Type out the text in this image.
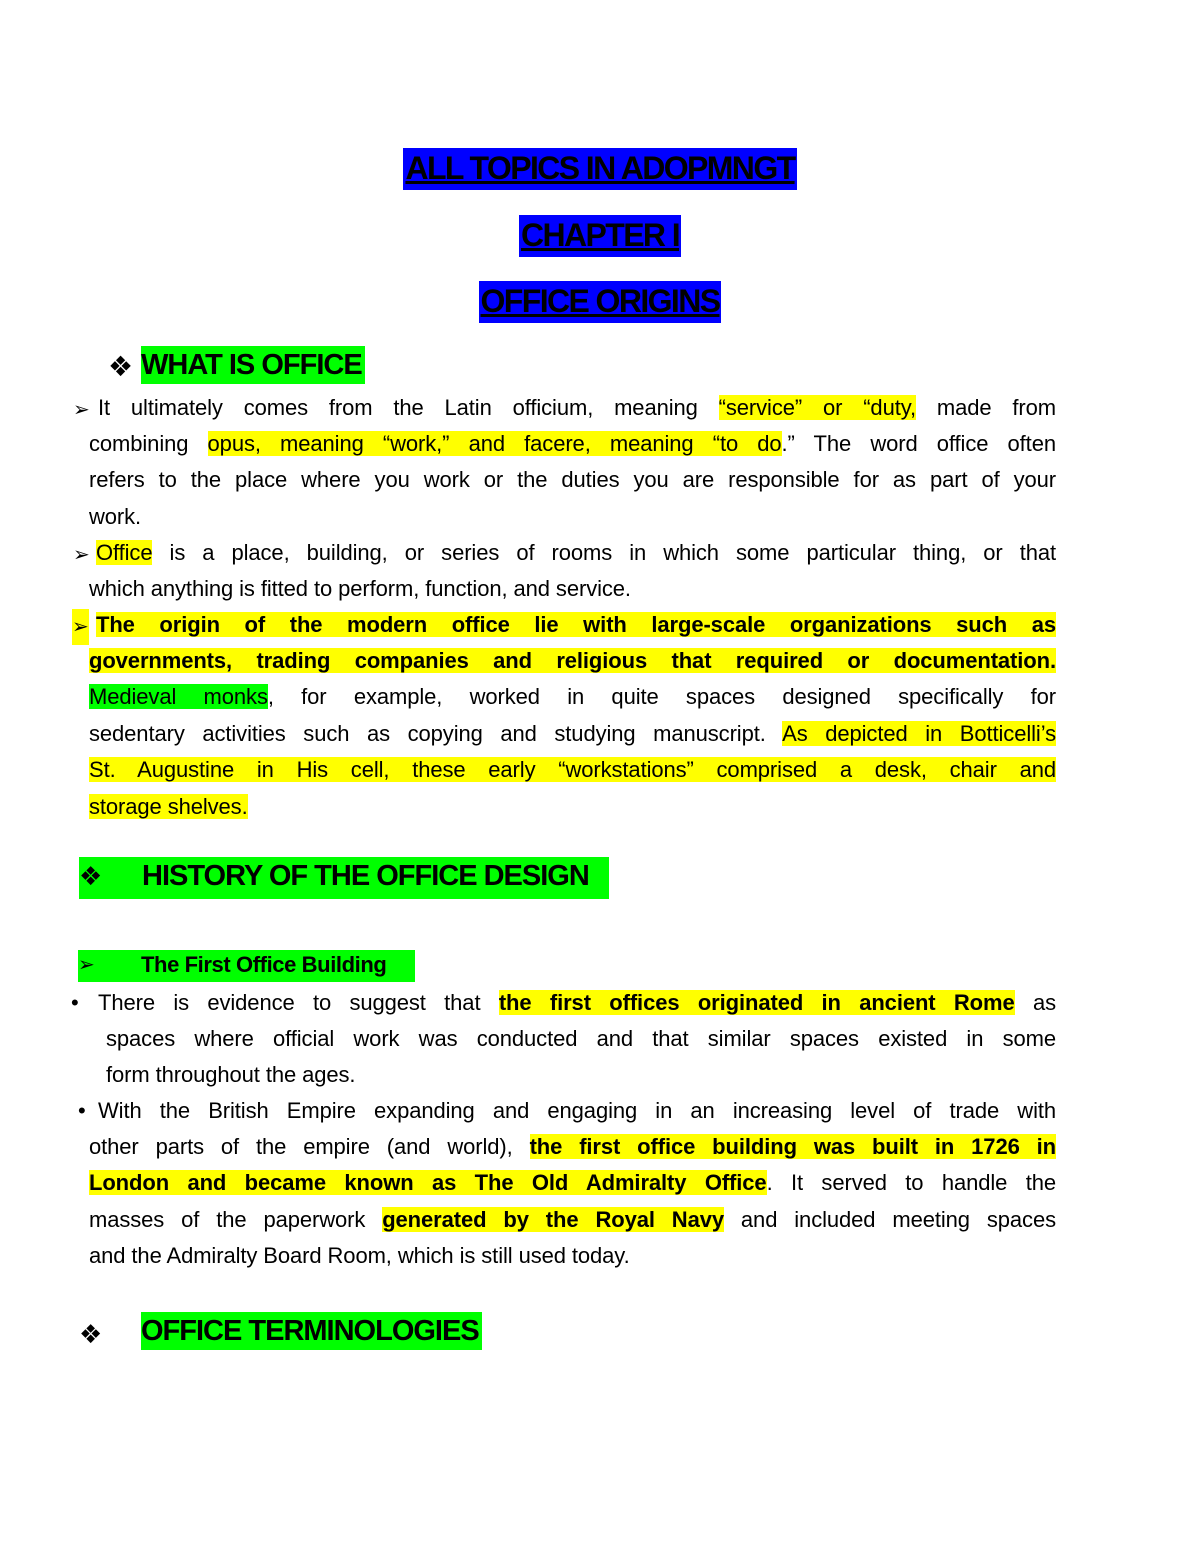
ALL TOPICS IN ADOPMNGT
CHAPTER I
OFFICE ORIGINS
❖ WHAT IS OFFICE
➢ It ultimately comes from the Latin officium, meaning “service” or “duty, made from
combining opus, meaning “work,” and facere, meaning “to do.” The word office often
refers to the place where you work or the duties you are responsible for as part of your
work.
➢ Office is a place, building, or series of rooms in which some particular thing, or that
which anything is fitted to perform, function, and service.
➢ The origin of the modern office lie with large-scale organizations such as
governments, trading companies and religious that required or documentation.
Medieval monks, for example, worked in quite spaces designed specifically for
sedentary activities such as copying and studying manuscript. As depicted in Botticelli’s
St. Augustine in His cell, these early “workstations” comprised a desk, chair and
storage shelves.
❖ HISTORY OF THE OFFICE DESIGN
➢ The First Office Building
• There is evidence to suggest that the first offices originated in ancient Rome as
spaces where official work was conducted and that similar spaces existed in some
form throughout the ages.
• With the British Empire expanding and engaging in an increasing level of trade with
other parts of the empire (and world), the first office building was built in 1726 in
London and became known as The Old Admiralty Office. It served to handle the
masses of the paperwork generated by the Royal Navy and included meeting spaces
and the Admiralty Board Room, which is still used today.
❖ OFFICE TERMINOLOGIES
